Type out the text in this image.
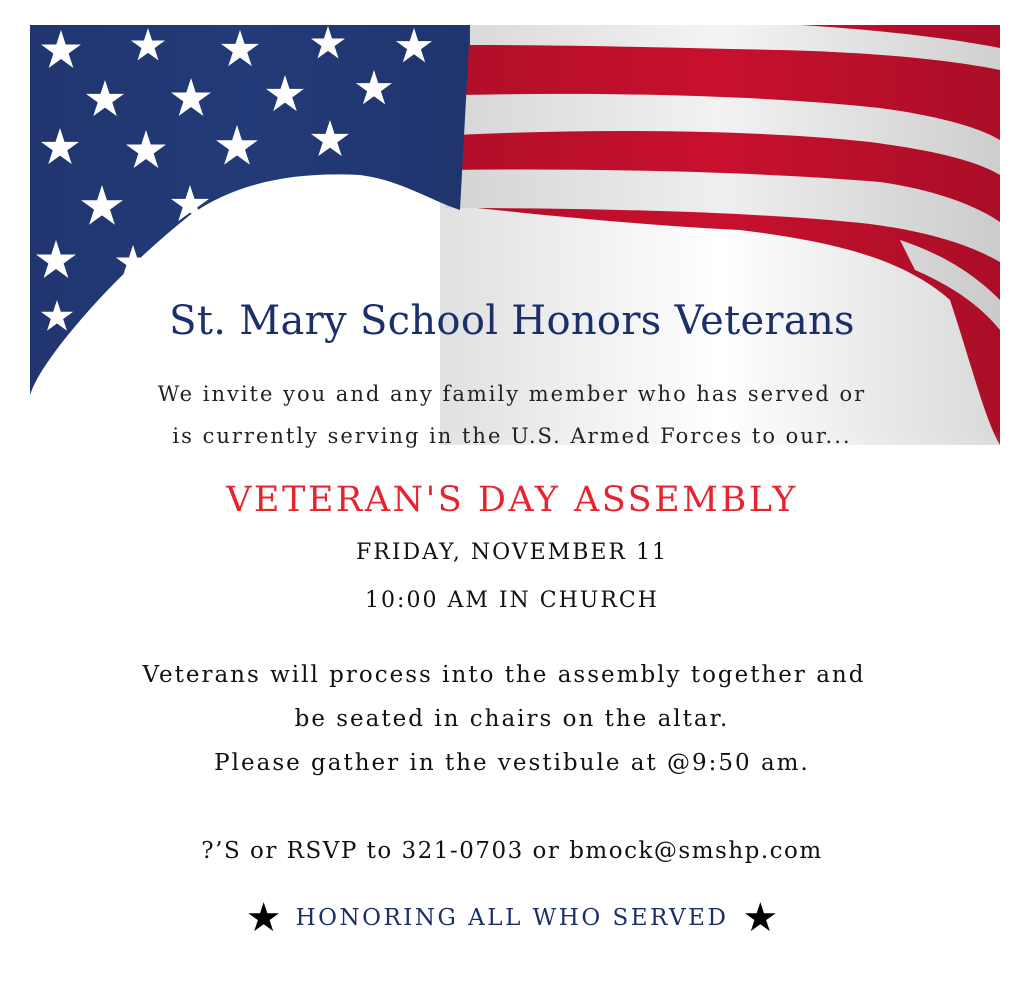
St. Mary School Honors Veterans
We invite you and any family member who has served or
is currently serving in the U.S. Armed Forces to our...
VETERAN'S DAY ASSEMBLY
FRIDAY, NOVEMBER 11
10:00 AM IN CHURCH
Veterans will process into the assembly together and
be seated in chairs on the altar.
Please gather in the vestibule at @9:50 am.
?’S or RSVP to 321-0703 or bmock@smshp.com
★ HONORING ALL WHO SERVED ★
